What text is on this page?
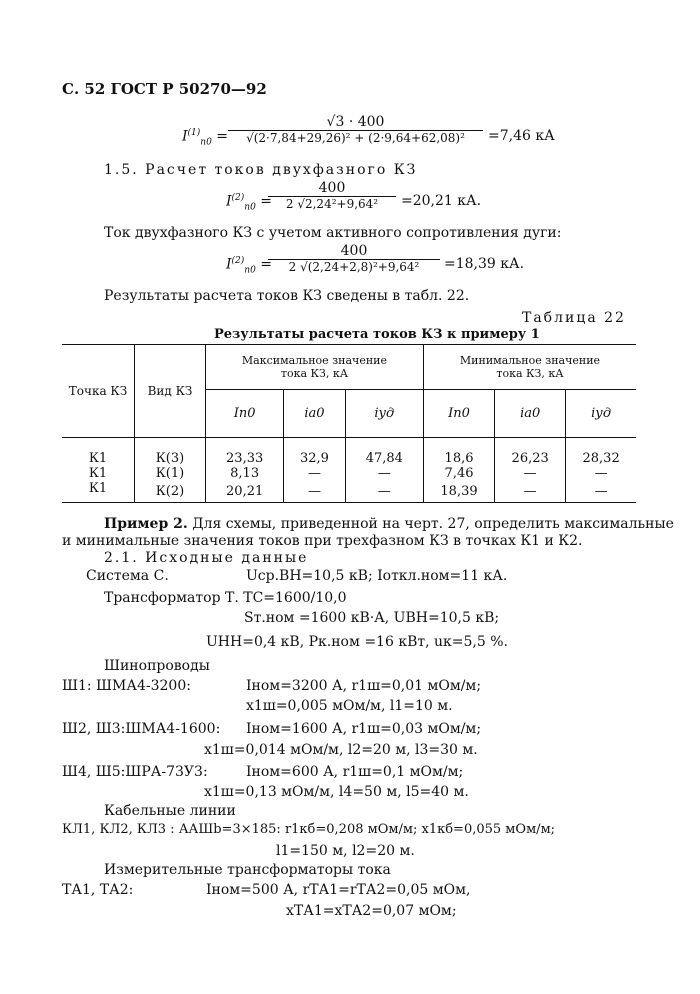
С. 52 ГОСТ Р 50270—92
$I^{(1)}_{п0} = \frac{√3 \cdot 400}{\text{√(2·7,84+29,26)² + (2·9,64+62,08)²}} =7,46$ кА
1.5. Расчет токов двухфазного КЗ
$I^{(2)}_{п0}$ =
$\frac{400}{\text{2 √2,24²+9,64²}} =20,21$ кА.
Ток двухфазного КЗ с учетом активного сопротивления дуги:
$I^{(2)}_{п0}$ =
$\frac{400}{\text{2 √(2,24+2,8)²+9,64²}} =18,39$ кА.
Результаты расчета токов КЗ сведены в табл. 22.
Таблица 22
Результаты расчета токов КЗ к примеру 1
Точка КЗ	Вид КЗ	Максимальное значение тока КЗ, кА			Минимальное значение тока КЗ, кА		
		Iп0	iа0	iуд	Iп0	iа0	iуд
К1	К(3)	23,33	32,9	47,84	18,6	26,23	28,32
К1	К(1)	8,13	—	—	7,46	—	—
К1	К(2)	20,21	—	—	18,39	—	—
Пример 2. Для схемы, приведенной на черт. 27, определить максимальные
и минимальные значения токов при трехфазном КЗ в точках К1 и К2.
2.1. Исходные данные
Система С.	Uср.ВН=10,5 кВ; Iоткл.ном=11 кА.
Трансформатор Т. ТС=1600/10,0
Sт.ном =1600 кВ·А, UВН=10,5 кВ;
UНН=0,4 кВ, Pк.ном =16 кВт, uк=5,5 %.
Шинопроводы
Ш1: ШМА4-3200:	Iном=3200 А, r1ш=0,01 мОм/м;
x1ш=0,005 мОм/м, l1=10 м.
Ш2, Ш3:ШМА4-1600: Iном=1600 А, r1ш=0,03 мОм/м;
x1ш=0,014 мОм/м, l2=20 м, l3=30 м.
Ш4, Ш5:ШРА-73У3:	Iном=600 А, r1ш=0,1 мОм/м;
x1ш=0,13 мОм/м, l4=50 м, l5=40 м.
Кабельные линии
КЛ1, КЛ2, КЛ3 : ААШb=3×185: r1кб=0,208 мОм/м; x1кб=0,055 мОм/м;
l1=150 м, l2=20 м.
Измерительные трансформаторы тока
ТА1, ТА2:	Iном=500 А, rТА1=rТА2=0,05 мОм,
xТА1=xТА2=0,07 мОм;
